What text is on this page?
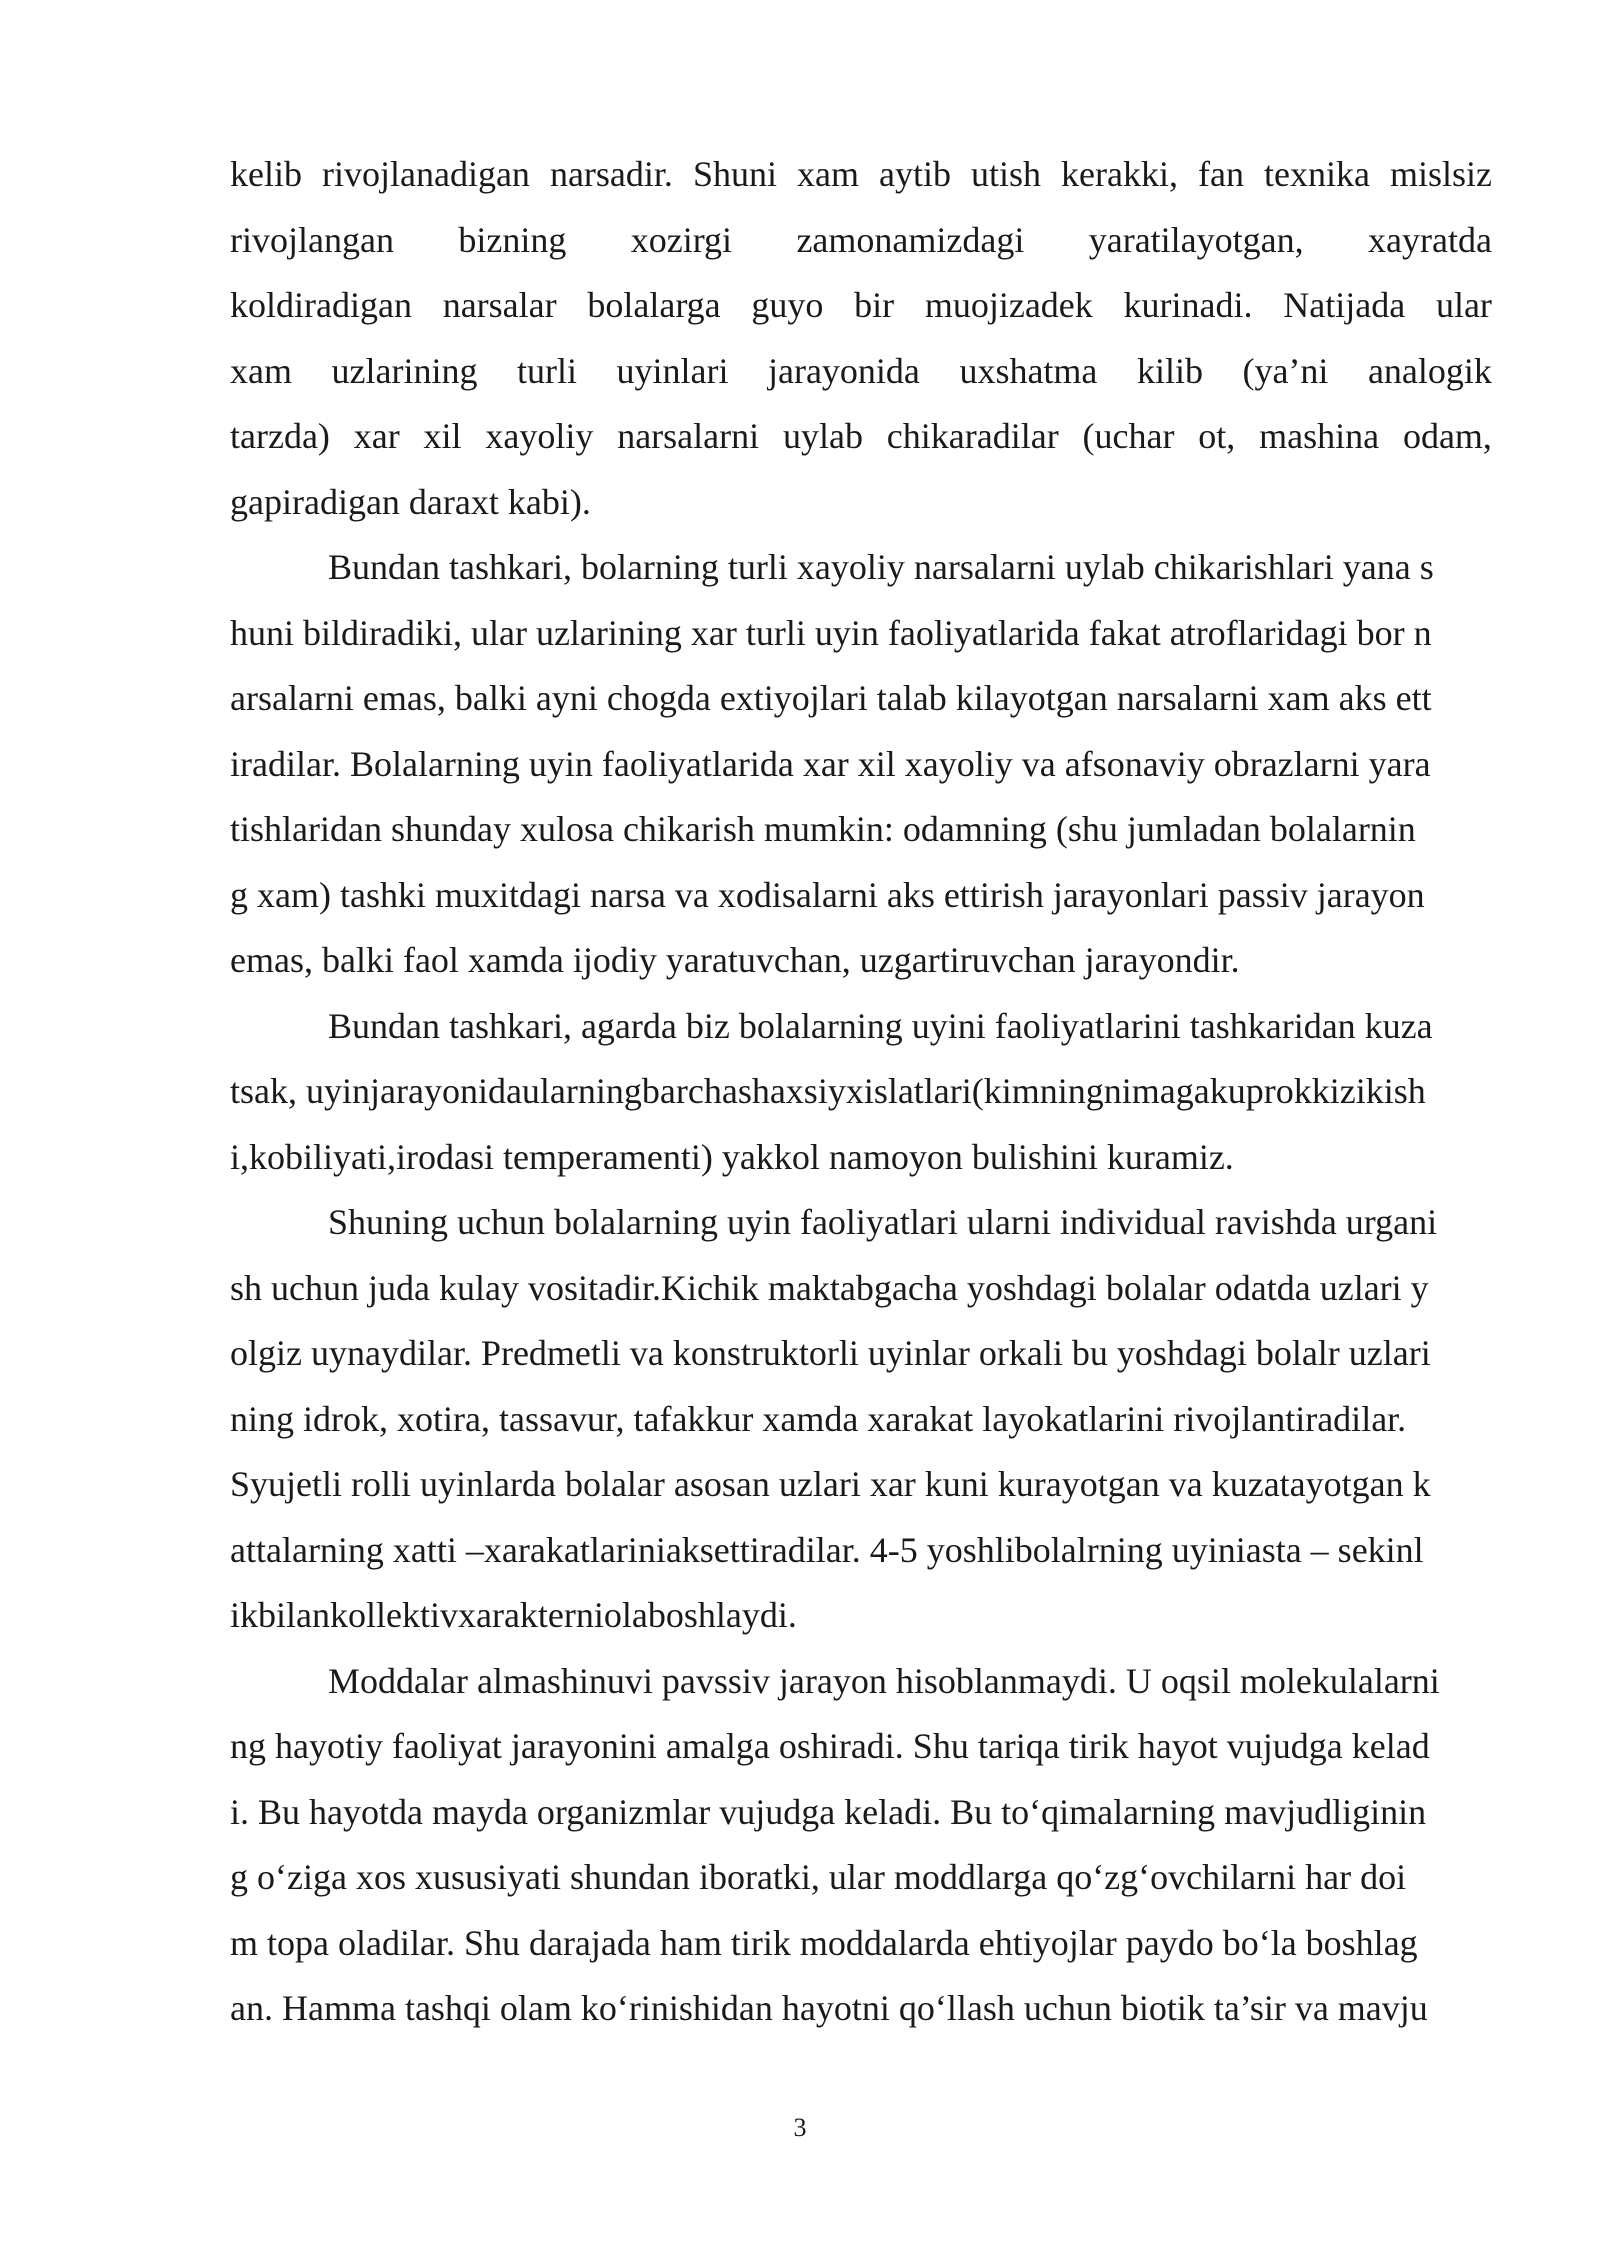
kelib rivojlanadigan narsadir. Shuni xam aytib utish kerakki, fan texnika mislsiz
rivojlangan bizning xozirgi zamonamizdagi yaratilayotgan, xayratda
koldiradigan narsalar bolalarga guyo bir muojizadek kurinadi. Natijada ular
xam uzlarining turli uyinlari jarayonida uxshatma kilib (ya’ni analogik
tarzda) xar xil xayoliy narsalarni uylab chikaradilar (uchar ot, mashina odam,
gapiradigan daraxt kabi).
Bundan tashkari, bolarning turli xayoliy narsalarni uylab chikarishlari yana s
huni bildiradiki, ular uzlarining xar turli uyin faoliyatlarida fakat atroflaridagi bor n
arsalarni emas, balki ayni chogda extiyojlari talab kilayotgan narsalarni xam aks ett
iradilar. Bolalarning uyin faoliyatlarida xar xil xayoliy va afsonaviy obrazlarni yara
tishlaridan shunday xulosa chikarish mumkin: odamning (shu jumladan bolalarnin
g xam) tashki muxitdagi narsa va xodisalarni aks ettirish jarayonlari passiv jarayon
emas, balki faol xamda ijodiy yaratuvchan, uzgartiruvchan jarayondir.
Bundan tashkari, agarda biz bolalarning uyini faoliyatlarini tashkaridan kuza
tsak, uyinjarayonidaularningbarchashaxsiyxislatlari(kimningnimagakuprokkizikish
i,kobiliyati,irodasi temperamenti) yakkol namoyon bulishini kuramiz.
Shuning uchun bolalarning uyin faoliyatlari ularni individual ravishda urgani
sh uchun juda kulay vositadir.Kichik maktabgacha yoshdagi bolalar odatda uzlari y
olgiz uynaydilar. Predmetli va konstruktorli uyinlar orkali bu yoshdagi bolalr uzlari
ning idrok, xotira, tassavur, tafakkur xamda xarakat layokatlarini rivojlantiradilar.
Syujetli rolli uyinlarda bolalar asosan uzlari xar kuni kurayotgan va kuzatayotgan k
attalarning xatti –xarakatlariniaksettiradilar. 4-5 yoshlibolalrning uyiniasta – sekinl
ikbilankollektivxarakterniolaboshlaydi.
Moddalar almashinuvi pavssiv jarayon hisoblanmaydi. U oqsil molekulalarni
ng hayotiy faoliyat jarayonini amalga oshiradi. Shu tariqa tirik hayot vujudga kelad
i. Bu hayotda mayda organizmlar vujudga keladi. Bu to‘qimalarning mavjudliginin
g o‘ziga xos xususiyati shundan iboratki, ular moddlarga qo‘zg‘ovchilarni har doi
m topa oladilar. Shu darajada ham tirik moddalarda ehtiyojlar paydo bo‘la boshlag
an. Hamma tashqi olam ko‘rinishidan hayotni qo‘llash uchun biotik ta’sir va mavju
3
